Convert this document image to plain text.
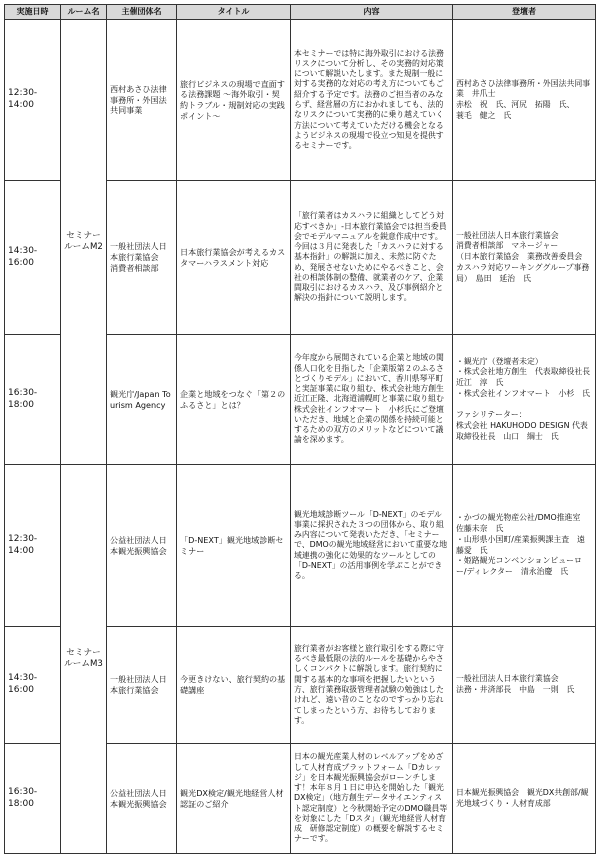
実施日時	ルーム名	主催団体名	タイトル	内容	登壇者

12:30-
14:00	セミナールームM2	西村あさひ法律事務所・外国法共同事業	旅行ビジネスの現場で直面する法務課題 ～海外取引・契約トラブル・規制対応の実践ポイント～	本セミナーでは特に海外取引における法務リスクについて分析し、その実務的対応策について解説いたします。また規制一般に対する実務的な対応の考え方についてもご紹介する予定です。法務のご担当者のみならず、経営層の方におかれましても、法的なリスクについて実務的に乗り越えていく方法について考えていただける機会となるようビジネスの現場で役立つ知見を提供するセミナーです。	西村あさひ法律事務所・外国法共同事業　井爪士
赤松　祝　氏、河尻　拓陽　氏、
蓑毛　健之　氏

14:30-
16:00		一般社団法人日本旅行業協会　消費者相談部	日本旅行業協会が考えるカスタマーハラスメント対応	「旅行業者はカスハラに組織としてどう対応すべきか」-日本旅行業協会では担当委員会でモデルマニュアルを鋭意作成中です。今回は３月に発表した「カスハラに対する基本指針」の解説に加え、未然に防ぐため、発展させないためにやるべきこと、会社の相談体制の整備、就業者のケア、企業間取引におけるカスハラ、及び事例紹介と解決の指針について説明します。	一般社団法人日本旅行業協会
消費者相談部　マネージャー
（日本旅行業協会　業務改善委員会　カスハラ対応ワーキンググループ事務局）　島田　延治　氏

16:30-
18:00		観光庁/Japan Tourism Agency	企業と地域をつなぐ「第２のふるさと」とは？	今年度から展開されている企業と地域の関係人口化を目指した「企業版第２のふるさとづくりモデル」において、香川県琴平町と実証事業に取り組む、株式会社地方創生　近江正隆、北海道浦幌町と事業に取り組む株式会社インフオマート　小杉氏にご登壇いただき、地域と企業の関係を持続可能とするための双方のメリットなどについて議論を深めます。	・観光庁（登壇者未定）
・株式会社地方創生　代表取締役社長　近江　淳　氏
・株式会社インフオマート　小杉　氏

ファシリテーター：
株式会社 HAKUHODO DESIGN 代表取締役社長　山口　綱士　氏

12:30-
14:00	セミナールームM3	公益社団法人日本観光振興協会	「D-NEXT」観光地域診断セミナー	観光地域診断ツール「D-NEXT」のモデル事業に採択された３つの団体から、取り組み内容について発表いただき、「セミナーで、DMOの観光地域経営において重要な地域連携の強化に効果的なツールとしての「D-NEXT」の活用事例を学ぶことができる。	・かづの観光物産公社/DMO推進室　佐藤未奈　氏
・山形県小国町/産業振興課主査　遠藤愛　氏
・姫路観光コンベンションビューロー/ディレクター　清永治慶　氏

14:30-
16:00		一般社団法人日本旅行業協会	今更きけない、旅行契約の基礎講座	旅行業者がお客様と旅行取引をする際に守るべき最低限の法的ルールを基礎からやさしくコンパクトに解説します。旅行契約に関する基本的な事項を把握したいという方、旅行業務取扱管理者試験の勉強はしたけれど、遠い昔のことなのですっかり忘れてしまったという方、お待ちしております。	一般社団法人日本旅行業協会
法務・井済部長　中島　一則　氏

16:30-
18:00		公益社団法人日本観光振興協会	観光DX検定/観光地経営人材認証のご紹介	日本の観光産業人材のレベルアップをめざして人材育成プラットフォーム「Dカレッジ」を日本観光振興協会がローンチします！本年８月１日に申込を開始した「観光DX検定」（地方創生データサイエンティスト認定制度）と今秋開始予定のDMO職員等を対象にした「Dスタ」（観光地経営人材育成　研修認定制度）の概要を解説するセミナーです。	日本観光振興協会　観光DX共創部/観光地域づくり・人材育成部
